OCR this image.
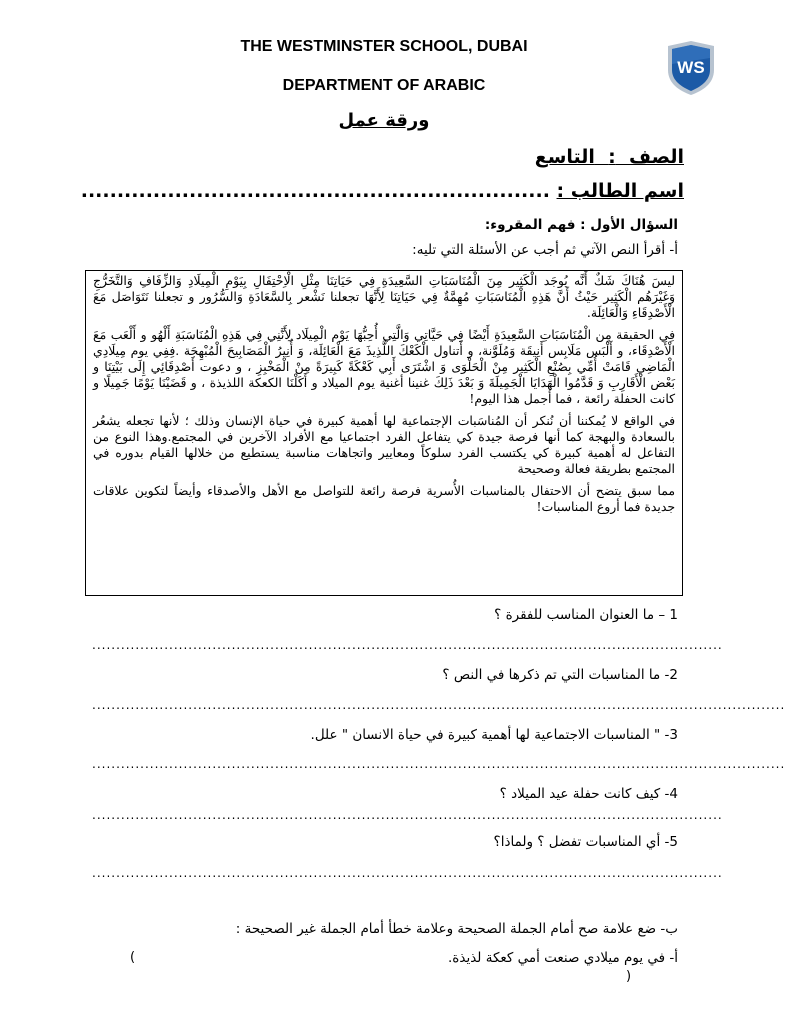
THE WESTMINSTER SCHOOL, DUBAI
DEPARTMENT OF ARABIC
WS
ورقة عمل
الصف  :  التاسع
اسم الطالب : .................................................................
السؤال الأول : فهم المقروء:
أ- أقرأ النص الآتي ثم أجب عن الأسئلة التي تليه:

ليسَ هُنَاكَ شَكٌ أَنَّه يُوجَد الْكَثِير مِنَ الْمُنَاسَبَاتِ السَّعِيدَةِ فِي حَيَاتِنَا مِثْلِ الْاِحْتِفَالِ بِيَوْمِ الْمِيلَادِ وَالزِّفَافِ وَالتَّخَرُّجِ وَغَيْرَهُم الْكَثِير حَيْثُ أَنَّ هَذِهِ الْمُنَاسَبَاتِ مُهِمَّةٌ فِي حَيَاتِنَا لِأَنَّهَا تجعلنا نَشْعر بِالسَّعَادَةِ وَالسُّرُور و تجعلنا نَتَوَاصَل مَعَ الْأَصْدِقَاءِ وَالْعَائِلَة.

فِي الحقيقة مِن الْمُنَاسَبَاتِ السَّعِيدَةِ أَيْضًا فِي حَيَّاتِي وَالَّتِي أُحِبُّهَا يَوْم الْمِيلَاد لِأَنَّنِي فِي هَذِهِ الْمُنَاسَبَةِ أَلْهُو و أَلْعَب مَعَ الْأَصْدِقَاء، و أَلْبَس مَلَابِس أَنِيقَة وَمُلَوَّنة، و أَتناول الْكَعْكَ اللَّذِيذَ مَعَ الْعَائِلَة، وَ أُنِيرُ الْمَصَابِيحَ الْمُبْهِجَة .فِفِي يوم مِيلَادِي الْمَاضِي قَامَتْ أُمِّي بِصُنْعِ الْكَثِير مِنْ الْحَلْوَى وَ اشْتَرَى أَبِي كَعْكَةً كَبِيرَةً مِنْ الْمَخْبِزِ ، و دعوت أَصْدِقَائِي إِلَى بَيْتِنَا و بَعْض الْأَقَارِبِ وَ قَدَّمُوا الْهَدَايَا الْجَمِيلَةَ وَ بَعْدَ ذَلِكَ غنينا أغنية يوم الميلاد و أَكَلْنَا الكعكة اللذيذة ، و قَضَيْنَا يَوْمًا جَمِيلًا و كانت الحفلة رائعة ، فما أجمل هذا اليوم!

في الواقع لا يُمكننا أن نُنكر أن المُناسَبات الإجتماعية لها أهمية كبيرة في حياة الإنسان وذلك ؛ لأنها تجعله يشعُر بالسعادة والبهجة كما أنها فرصة جيدة كي يتفاعل الفرد اجتماعيا مع الأفراد الآخرين في المجتمع.وهذا النوع من التفاعل له أهمية كبيرة كي يكتسب الفرد سلوكاً ومعايير واتجاهات مناسبة يستطيع من خلالها القيام بدوره في المجتمع بطريقة فعالة وصحيحة

مما سبق يتضح أن الاحتفال بالمناسبات الأُسرية فرصة رائعة للتواصل مع الأهل والأصدقاء وأيضاً لتكوين علاقات جديدة فما أروع المناسبات!

1 – ما العنوان المناسب للفقرة ؟
...................................................................................................................................
2- ما المناسبات التي تم ذكرها في النص ؟
................................................................................................................................................
3- " المناسبات الاجتماعية لها أهمية كبيرة في حياة الانسان " علل.
................................................................................................................................................
4- كيف كانت حفلة عيد الميلاد ؟
...................................................................................................................................
5- أي المناسبات تفضل ؟ ولماذا؟
...................................................................................................................................
ب- ضع علامة صح أمام الجملة الصحيحة وعلامة خطأ أمام الجملة غير الصحيحة :
أ- في يوم ميلادي صنعت أمي كعكة لذيذة.
(
)
